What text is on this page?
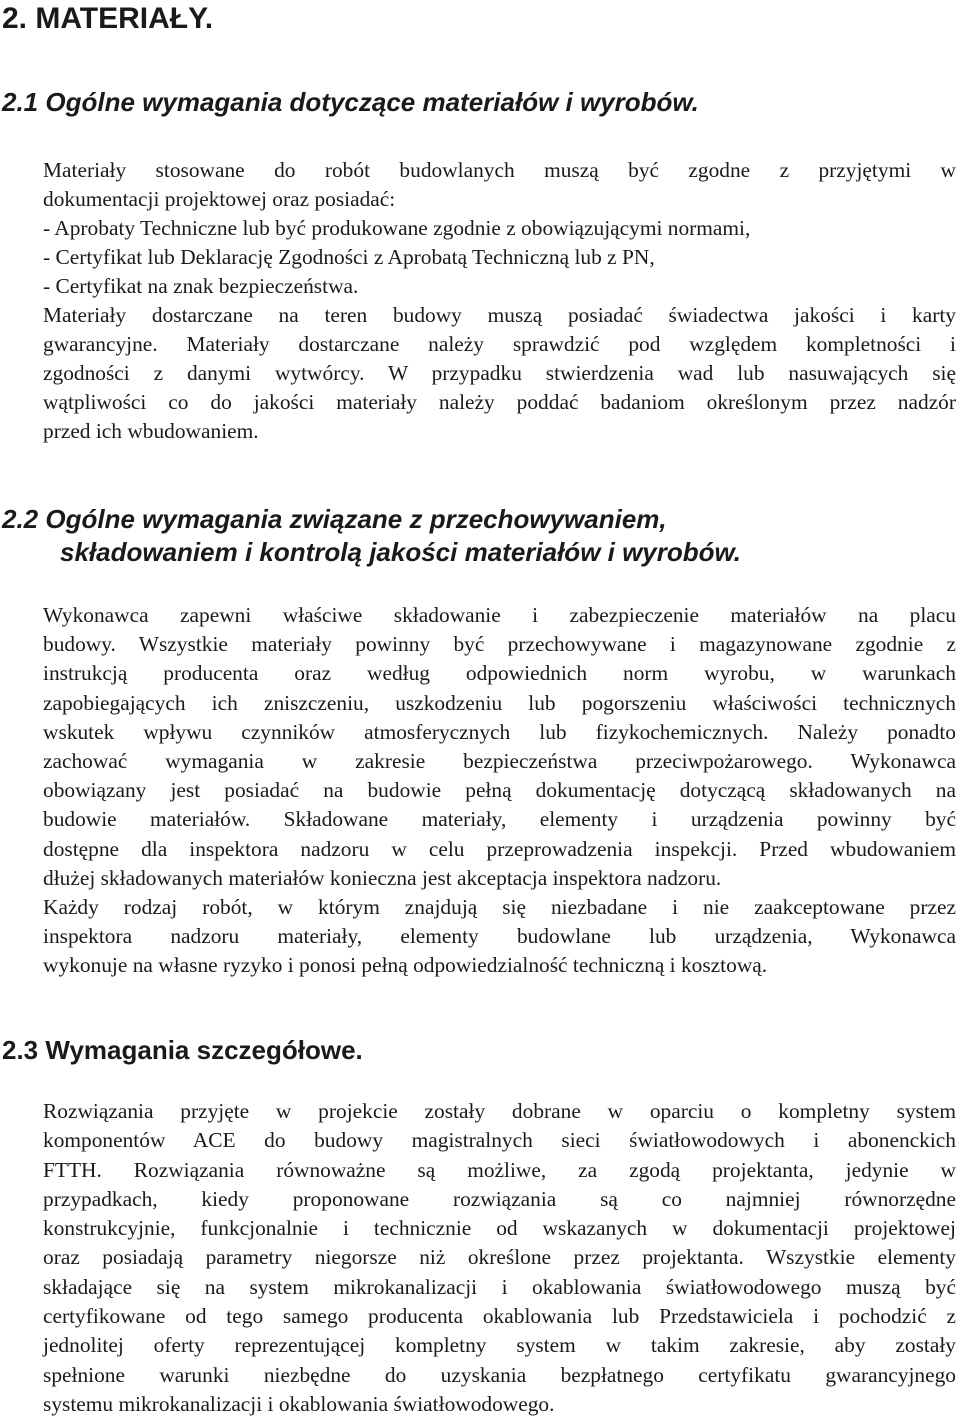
2. MATERIAŁY.
2.1 Ogólne wymagania dotyczące materiałów i wyrobów.
Materiały stosowane do robót budowlanych muszą być zgodne z przyjętymi w
dokumentacji projektowej oraz posiadać:
- Aprobaty Techniczne lub być produkowane zgodnie z obowiązującymi normami,
- Certyfikat lub Deklarację Zgodności z Aprobatą Techniczną lub z PN,
- Certyfikat na znak bezpieczeństwa.
Materiały dostarczane na teren budowy muszą posiadać świadectwa jakości i karty
gwarancyjne. Materiały dostarczane należy sprawdzić pod względem kompletności i
zgodności z danymi wytwórcy. W przypadku stwierdzenia wad lub nasuwających się
wątpliwości co do jakości materiały należy poddać badaniom określonym przez nadzór
przed ich wbudowaniem.
2.2 Ogólne wymagania związane z przechowywaniem,
składowaniem i kontrolą jakości materiałów i wyrobów.
Wykonawca zapewni właściwe składowanie i zabezpieczenie materiałów na placu
budowy. Wszystkie materiały powinny być przechowywane i magazynowane zgodnie z
instrukcją producenta oraz według odpowiednich norm wyrobu, w warunkach
zapobiegających ich zniszczeniu, uszkodzeniu lub pogorszeniu właściwości technicznych
wskutek wpływu czynników atmosferycznych lub fizykochemicznych. Należy ponadto
zachować wymagania w zakresie bezpieczeństwa przeciwpożarowego. Wykonawca
obowiązany jest posiadać na budowie pełną dokumentację dotyczącą składowanych na
budowie materiałów. Składowane materiały, elementy i urządzenia powinny być
dostępne dla inspektora nadzoru w celu przeprowadzenia inspekcji. Przed wbudowaniem
dłużej składowanych materiałów konieczna jest akceptacja inspektora nadzoru.
Każdy rodzaj robót, w którym znajdują się niezbadane i nie zaakceptowane przez
inspektora nadzoru materiały, elementy budowlane lub urządzenia, Wykonawca
wykonuje na własne ryzyko i ponosi pełną odpowiedzialność techniczną i kosztową.
2.3 Wymagania szczegółowe.
Rozwiązania przyjęte w projekcie zostały dobrane w oparciu o kompletny system
komponentów ACE do budowy magistralnych sieci światłowodowych i abonenckich
FTTH. Rozwiązania równoważne są możliwe, za zgodą projektanta, jedynie w
przypadkach, kiedy proponowane rozwiązania są co najmniej równorzędne
konstrukcyjnie, funkcjonalnie i technicznie od wskazanych w dokumentacji projektowej
oraz posiadają parametry niegorsze niż określone przez projektanta. Wszystkie elementy
składające się na system mikrokanalizacji i okablowania światłowodowego muszą być
certyfikowane od tego samego producenta okablowania lub Przedstawiciela i pochodzić z
jednolitej oferty reprezentującej kompletny system w takim zakresie, aby zostały
spełnione warunki niezbędne do uzyskania bezpłatnego certyfikatu gwarancyjnego
systemu mikrokanalizacji i okablowania światłowodowego.
